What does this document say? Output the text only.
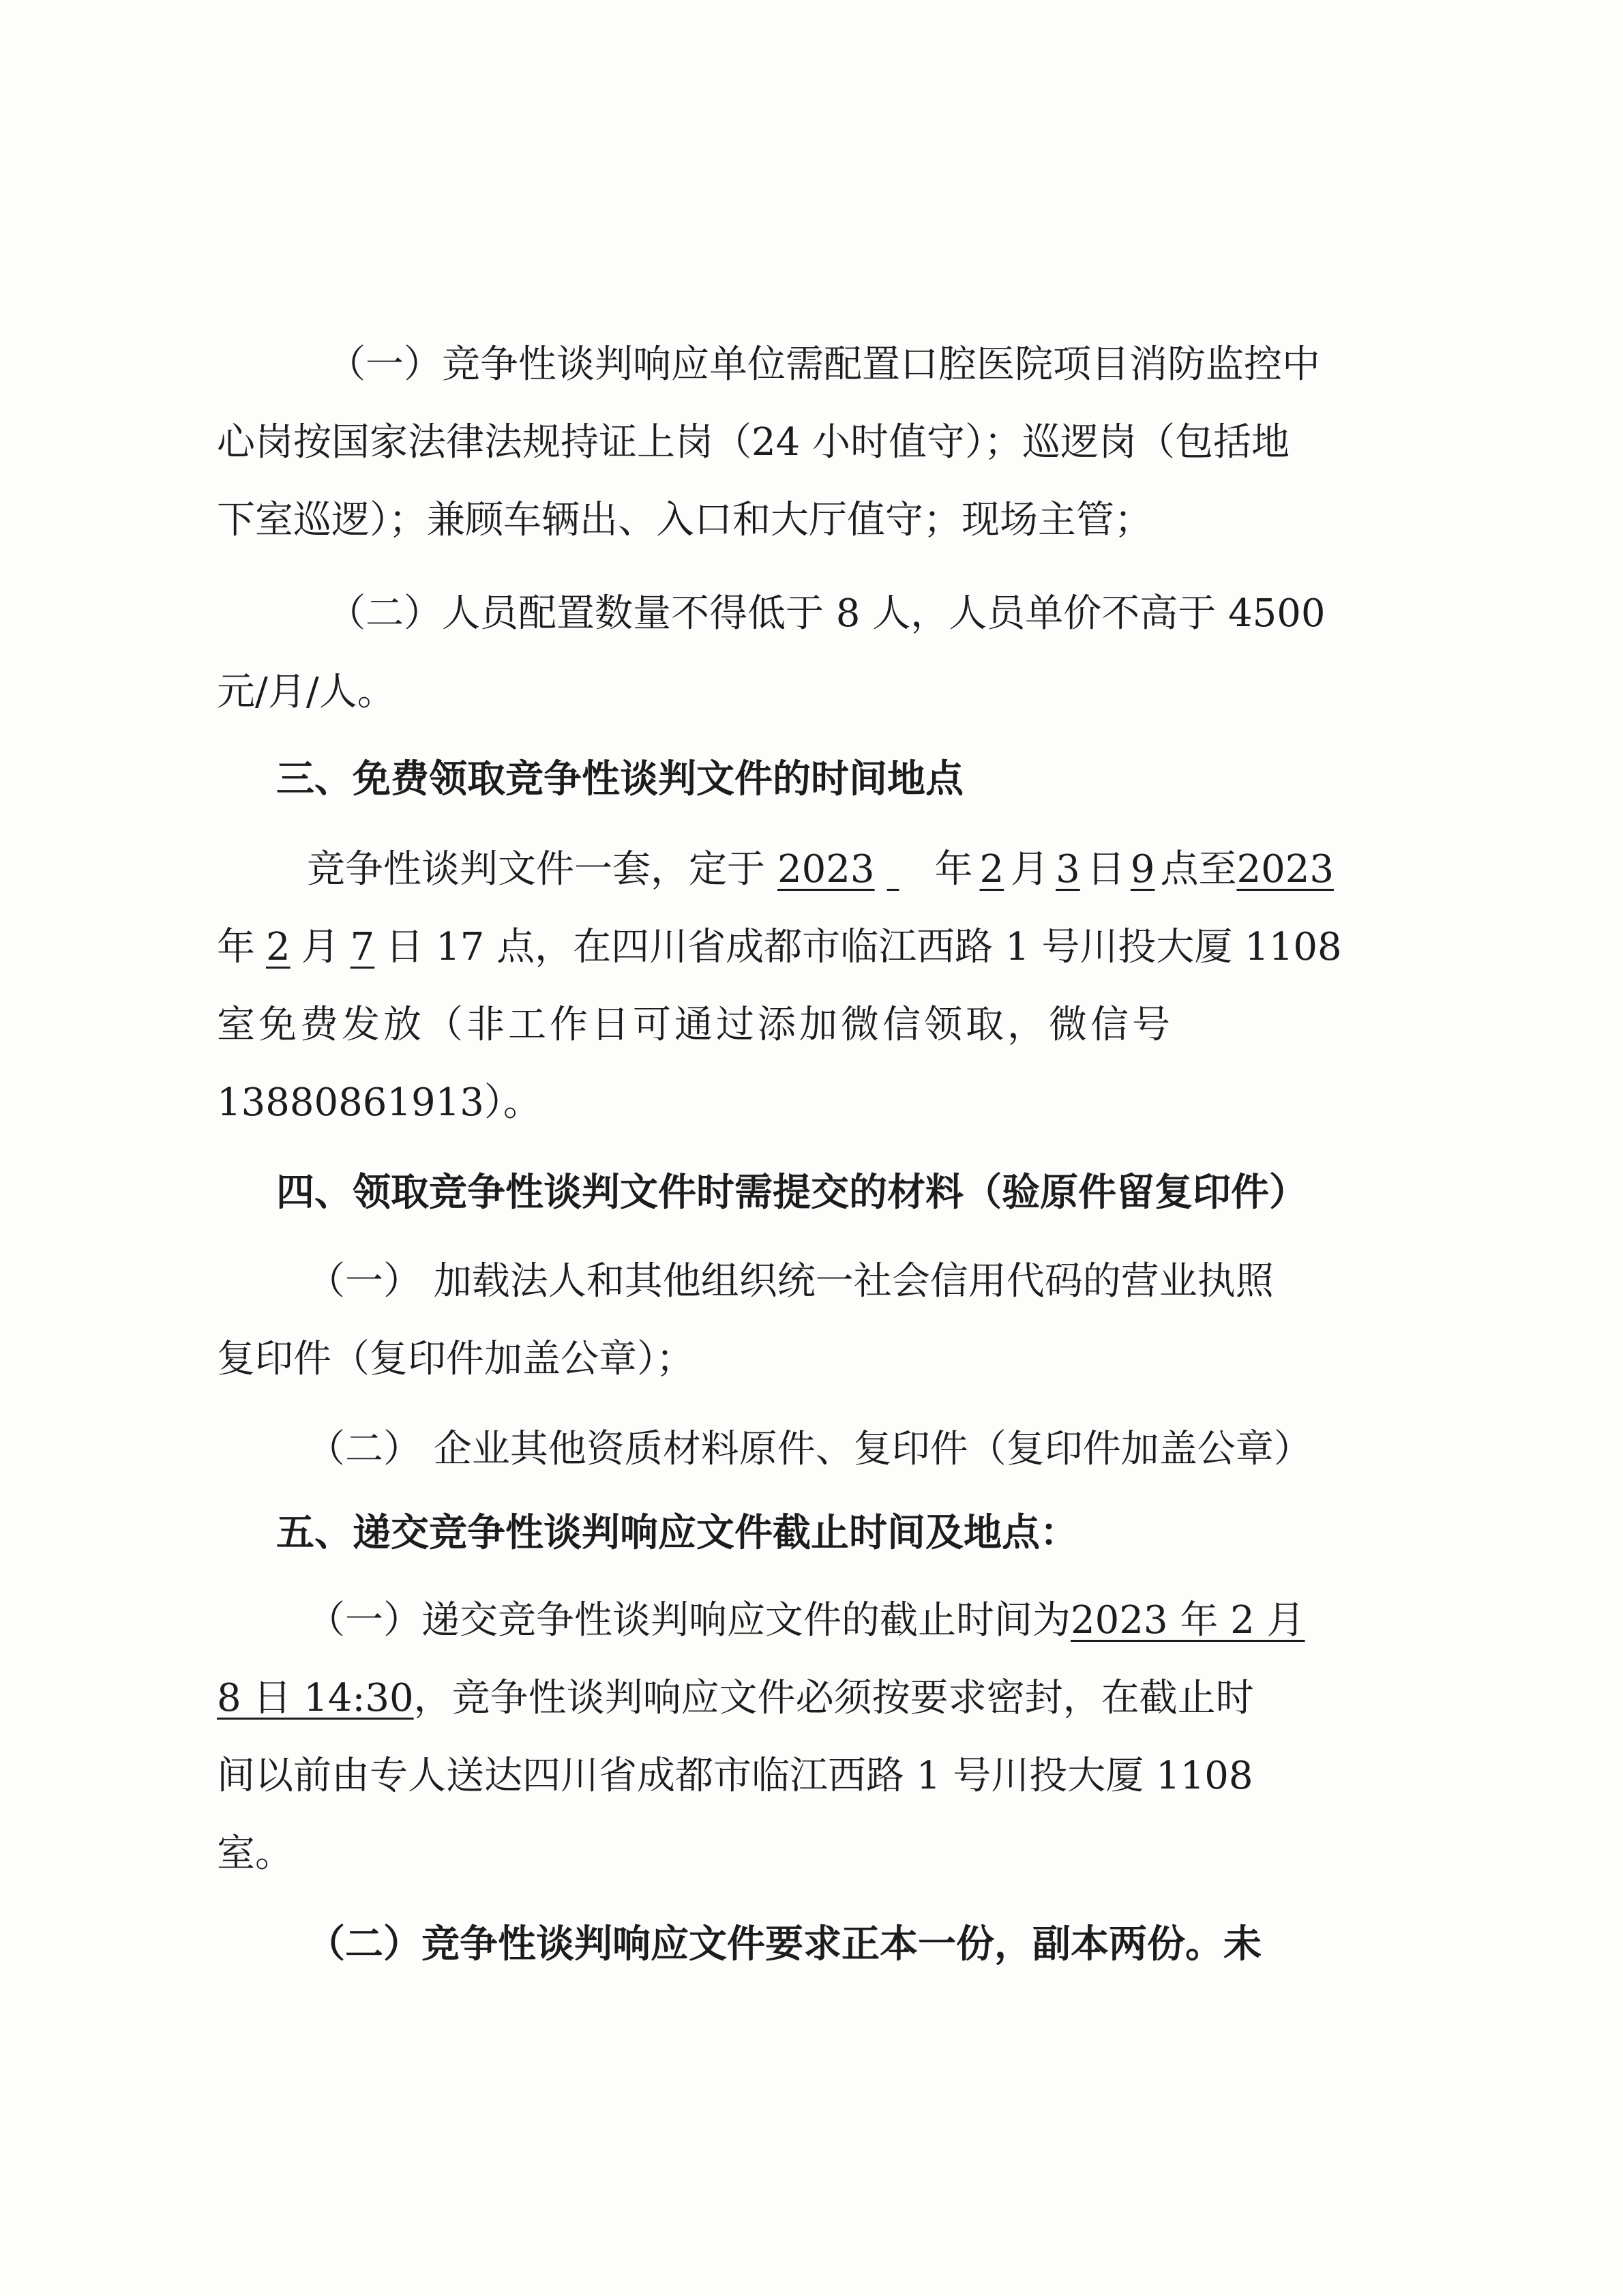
（一）竞争性谈判响应单位需配置口腔医院项目消防监控中
心岗按国家法律法规持证上岗（24 小时值守）；巡逻岗（包括地
下室巡逻）；兼顾车辆出、入口和大厅值守；现场主管；
（二）人员配置数量不得低于 8 人，人员单价不高于 4500
元/月/人。
三、免费领取竞争性谈判文件的时间地点
竞争性谈判文件一套，定于 2023 年 2 月 3 日 9 点至2023
年 2 月 7 日 17 点，在四川省成都市临江西路 1 号川投大厦 1108
室免费发放（非工作日可通过添加微信领取，微信号
13880861913）。
四、领取竞争性谈判文件时需提交的材料（验原件留复印件）
（一） 加载法人和其他组织统一社会信用代码的营业执照
复印件（复印件加盖公章）；
（二） 企业其他资质材料原件、复印件（复印件加盖公章）
五、递交竞争性谈判响应文件截止时间及地点：
（一）递交竞争性谈判响应文件的截止时间为2023 年 2 月
8 日 14:30，竞争性谈判响应文件必须按要求密封，在截止时
间以前由专人送达四川省成都市临江西路 1 号川投大厦 1108
室。
（二）竞争性谈判响应文件要求正本一份，副本两份。未
